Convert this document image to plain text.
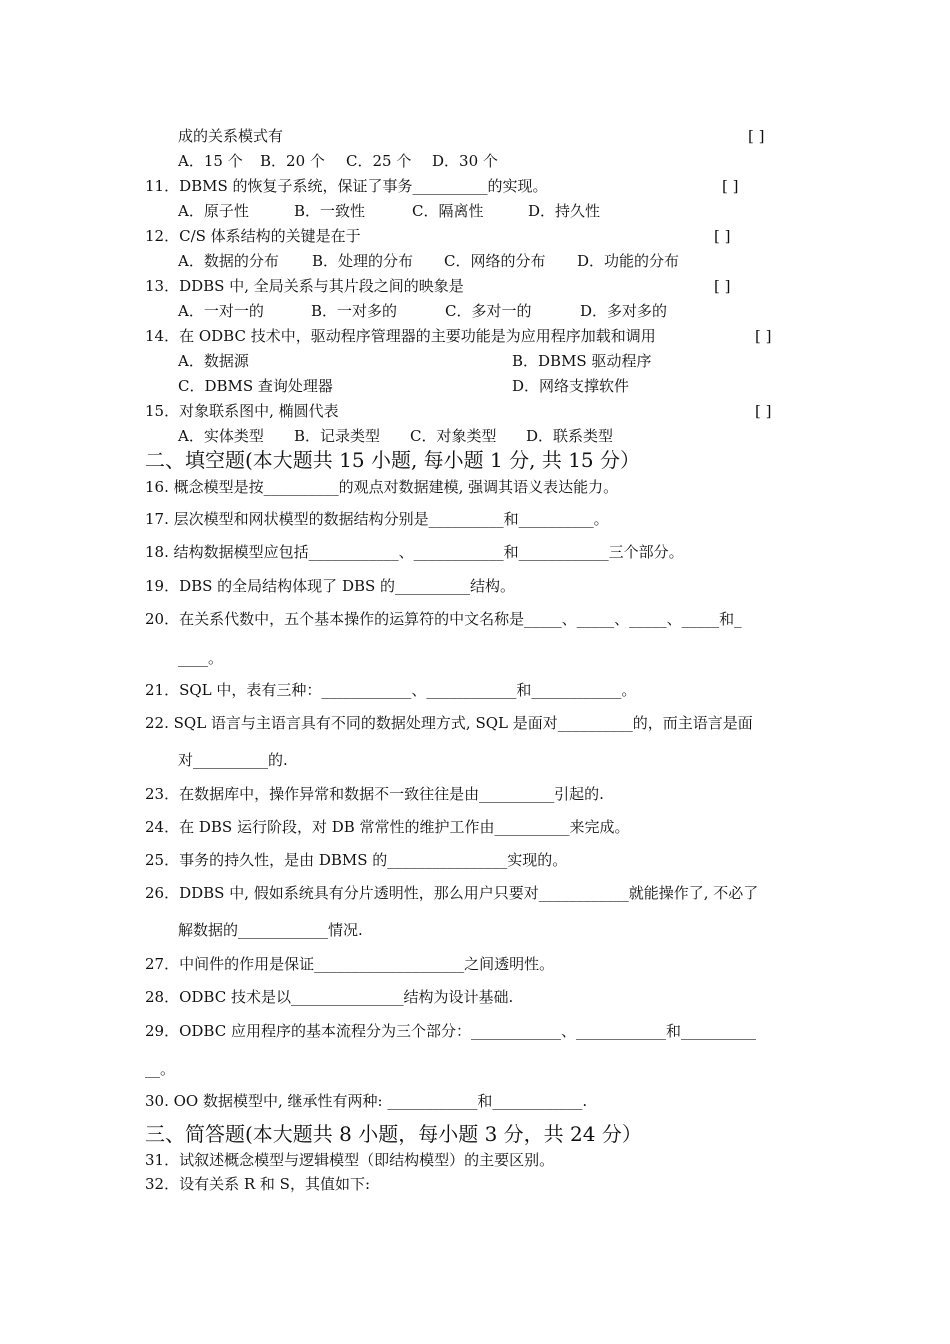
成的关系模式有	[ ]
A．15 个 B．20 个 C．25 个 D．30 个
11．DBMS 的恢复子系统，保证了事务__________的实现。	[ ]
A．原子性	B．一致性	C．隔离性	D．持久性
12．C/S 体系结构的关键是在于	[ ]
A．数据的分布 B．处理的分布 C．网络的分布 D．功能的分布
13．DDBS 中, 全局关系与其片段之间的映象是	[ ]
A．一对一的	B．一对多的	C．多对一的	D．多对多的
14．在 ODBC 技术中，驱动程序管理器的主要功能是为应用程序加载和调用	[ ]
A．数据源	B．DBMS 驱动程序
C．DBMS 查询处理器	D．网络支撑软件
15．对象联系图中, 椭圆代表	[ ]
A．实体类型 B．记录类型 C．对象类型 D．联系类型
二、填空题(本大题共 15 小题, 每小题 1 分, 共 15 分）
16. 概念模型是按__________的观点对数据建模, 强调其语义表达能力。
17. 层次模型和网状模型的数据结构分别是__________和__________。
18. 结构数据模型应包括____________、____________和____________三个部分。
19．DBS 的全局结构体现了 DBS 的__________结构。
20．在关系代数中，五个基本操作的运算符的中文名称是_____、_____、_____、_____和_
____。
21．SQL 中，表有三种：____________、____________和____________。
22. SQL 语言与主语言具有不同的数据处理方式, SQL 是面对__________的，而主语言是面
对__________的.
23．在数据库中，操作异常和数据不一致往往是由__________引起的.
24．在 DBS 运行阶段，对 DB 常常性的维护工作由__________来完成。
25．事务的持久性，是由 DBMS 的________________实现的。
26．DDBS 中, 假如系统具有分片透明性，那么用户只要对____________就能操作了, 不必了
解数据的____________情况.
27．中间件的作用是保证____________________之间透明性。
28．ODBC 技术是以_______________结构为设计基础.
29．ODBC 应用程序的基本流程分为三个部分：____________、____________和__________
__。
30. OO 数据模型中, 继承性有两种: ____________和____________.
三、简答题(本大题共 8 小题，每小题 3 分，共 24 分）
31．试叙述概念模型与逻辑模型（即结构模型）的主要区别。
32．设有关系 R 和 S，其值如下:
